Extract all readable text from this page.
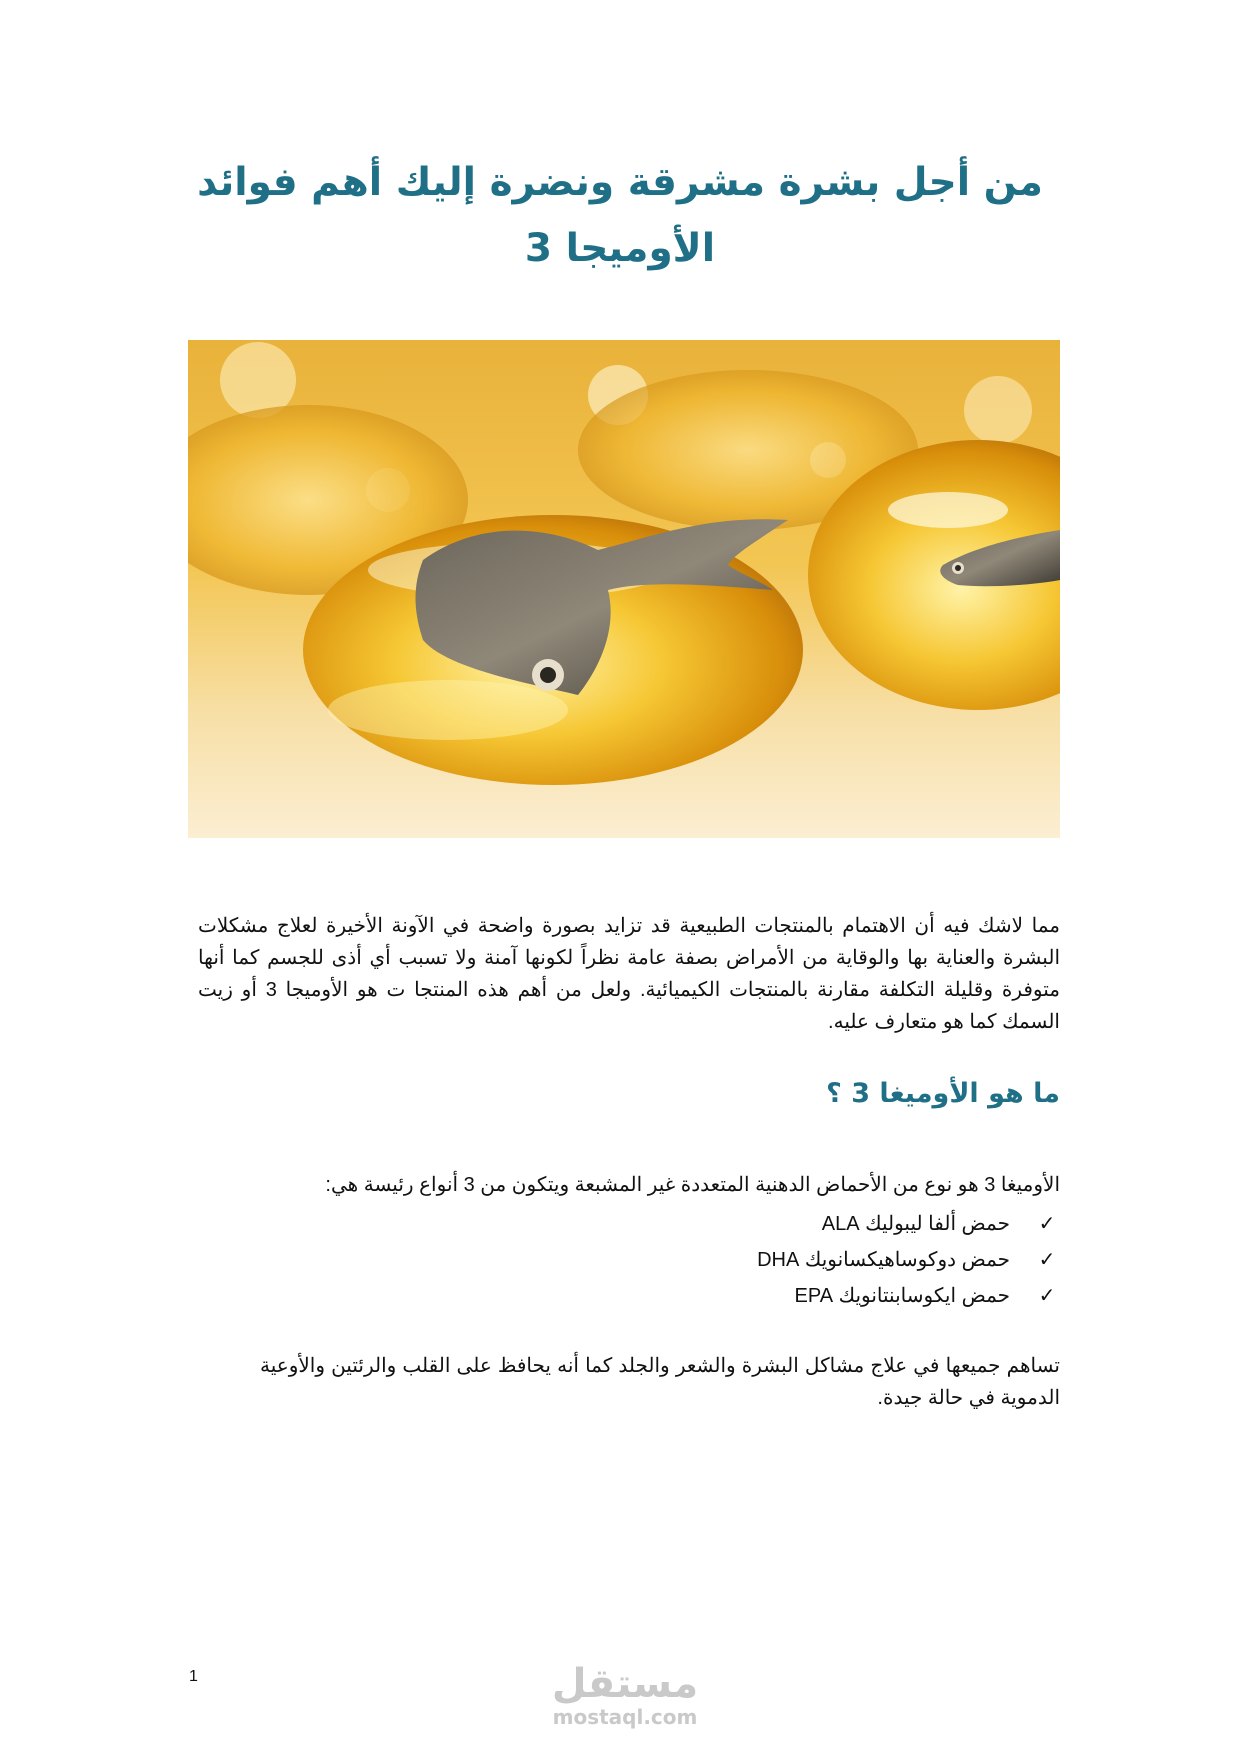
من أجل بشرة مشرقة ونضرة إليك أهم فوائد الأوميجا 3

مما لاشك فيه أن الاهتمام بالمنتجات الطبيعية قد تزايد بصورة واضحة في الآونة الأخيرة لعلاج مشكلات البشرة والعناية بها والوقاية من الأمراض بصفة عامة نظراً لكونها آمنة ولا تسبب أي أذى للجسم كما أنها متوفرة وقليلة التكلفة مقارنة بالمنتجات الكيميائية. ولعل من أهم هذه المنتجا ت هو الأوميجا 3 أو زيت السمك كما هو متعارف عليه.

ما هو الأوميغا 3 ؟

الأوميغا 3 هو نوع من الأحماض الدهنية المتعددة غير المشبعة ويتكون من 3 أنواع رئيسة هي:

✓
حمض ألفا ليبوليك ALA
✓
حمض دوكوساهيكسانويك DHA
✓
حمض ايكوسابنتانويك EPA

تساهم جميعها في علاج مشاكل البشرة والشعر والجلد كما أنه يحافظ على القلب والرئتين والأوعية الدموية في حالة جيدة.

1	مستقل
mostaql.com
